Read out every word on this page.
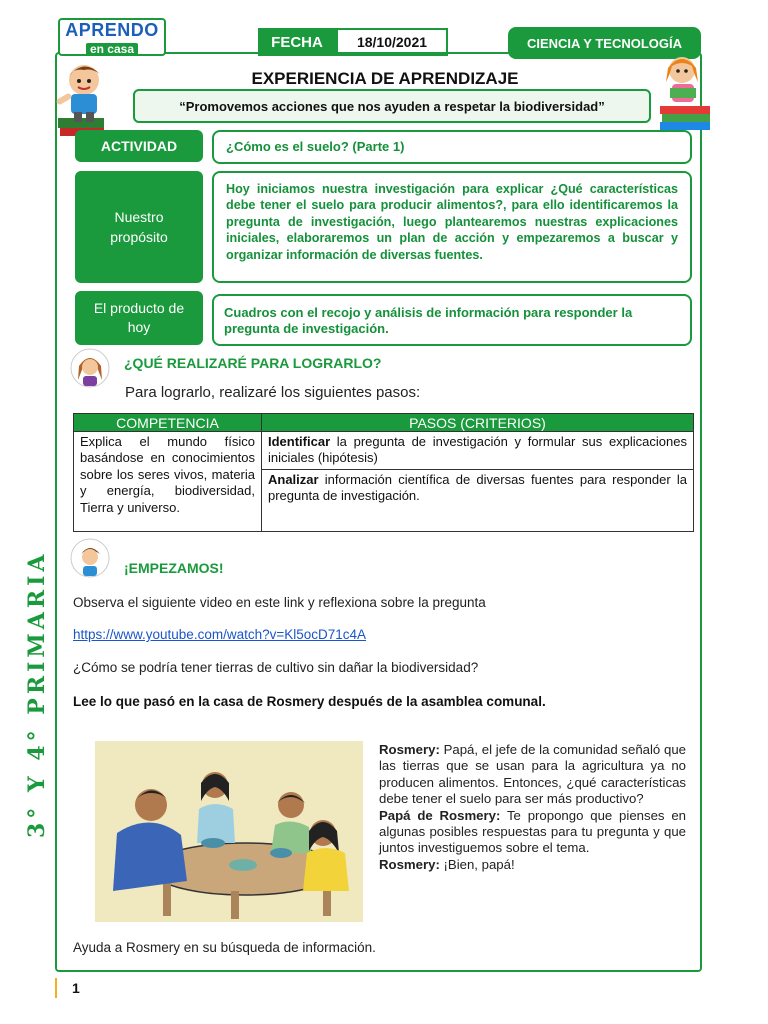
APRENDO
en casa	FECHA	18/10/2021	CIENCIA Y TECNOLOGÍA
EXPERIENCIA DE APRENDIZAJE
“Promovemos acciones que nos ayuden a respetar la biodiversidad”
3° Y 4° PRIMARIA
ACTIVIDAD	¿Cómo es el suelo? (Parte 1)
Nuestro propósito
Hoy iniciamos nuestra investigación para explicar ¿Qué características debe tener el suelo para producir alimentos?, para ello identificaremos la pregunta de investigación, luego plantearemos nuestras explicaciones iniciales, elaboraremos un plan de acción y empezaremos a buscar y organizar información de diversas fuentes.
El producto de hoy
Cuadros con el recojo y análisis de información para responder la pregunta de investigación.
¿QUÉ REALIZARÉ PARA LOGRARLO?
Para lograrlo, realizaré los siguientes pasos:
COMPETENCIA	PASOS (CRITERIOS)
Explica el mundo físico basándose en conocimientos sobre los seres vivos, materia y energía, biodiversidad, Tierra y universo.	Identificar la pregunta de investigación y formular sus explicaciones iniciales (hipótesis)
	Analizar información científica de diversas fuentes para responder la pregunta de investigación.
¡EMPEZAMOS!
Observa el siguiente video en este link y reflexiona sobre la pregunta
https://www.youtube.com/watch?v=Kl5ocD71c4A
¿Cómo se podría tener tierras de cultivo sin dañar la biodiversidad?
Lee lo que pasó en la casa de Rosmery después de la asamblea comunal.
Rosmery: Papá, el jefe de la comunidad señaló que las tierras que se usan para la agricultura ya no producen alimentos. Entonces, ¿qué características debe tener el suelo para ser más productivo?
Papá de Rosmery: Te propongo que pienses en algunas posibles respuestas para tu pregunta y que juntos investiguemos sobre el tema.
Rosmery: ¡Bien, papá!
Ayuda a Rosmery en su búsqueda de información.
1
